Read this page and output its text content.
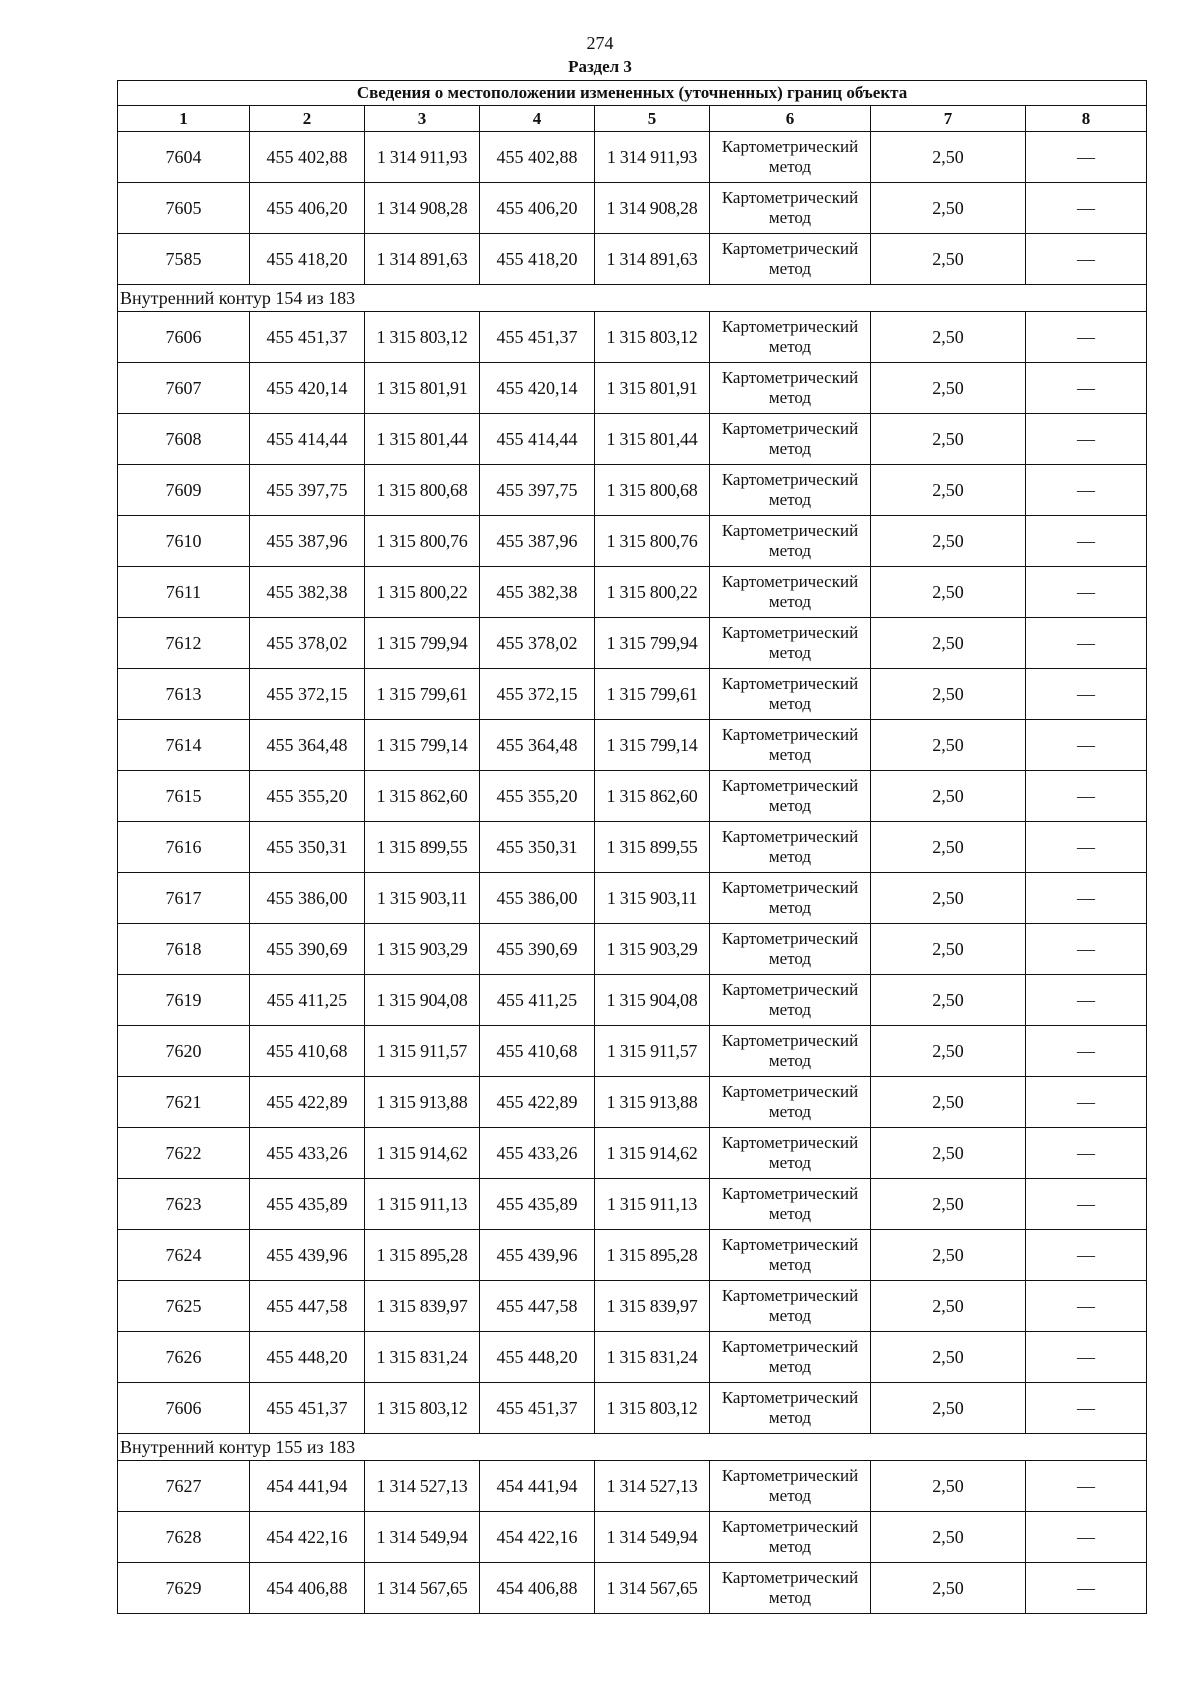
274
Раздел 3
Сведения о местоположении измененных (уточненных) границ объекта							
1	2	3	4	5	6	7	8
7604	455 402,88	1 314 911,93	455 402,88	1 314 911,93	Картометрический метод	2,50	—
7605	455 406,20	1 314 908,28	455 406,20	1 314 908,28	Картометрический метод	2,50	—
7585	455 418,20	1 314 891,63	455 418,20	1 314 891,63	Картометрический метод	2,50	—
Внутренний контур 154 из 183							
7606	455 451,37	1 315 803,12	455 451,37	1 315 803,12	Картометрический метод	2,50	—
7607	455 420,14	1 315 801,91	455 420,14	1 315 801,91	Картометрический метод	2,50	—
7608	455 414,44	1 315 801,44	455 414,44	1 315 801,44	Картометрический метод	2,50	—
7609	455 397,75	1 315 800,68	455 397,75	1 315 800,68	Картометрический метод	2,50	—
7610	455 387,96	1 315 800,76	455 387,96	1 315 800,76	Картометрический метод	2,50	—
7611	455 382,38	1 315 800,22	455 382,38	1 315 800,22	Картометрический метод	2,50	—
7612	455 378,02	1 315 799,94	455 378,02	1 315 799,94	Картометрический метод	2,50	—
7613	455 372,15	1 315 799,61	455 372,15	1 315 799,61	Картометрический метод	2,50	—
7614	455 364,48	1 315 799,14	455 364,48	1 315 799,14	Картометрический метод	2,50	—
7615	455 355,20	1 315 862,60	455 355,20	1 315 862,60	Картометрический метод	2,50	—
7616	455 350,31	1 315 899,55	455 350,31	1 315 899,55	Картометрический метод	2,50	—
7617	455 386,00	1 315 903,11	455 386,00	1 315 903,11	Картометрический метод	2,50	—
7618	455 390,69	1 315 903,29	455 390,69	1 315 903,29	Картометрический метод	2,50	—
7619	455 411,25	1 315 904,08	455 411,25	1 315 904,08	Картометрический метод	2,50	—
7620	455 410,68	1 315 911,57	455 410,68	1 315 911,57	Картометрический метод	2,50	—
7621	455 422,89	1 315 913,88	455 422,89	1 315 913,88	Картометрический метод	2,50	—
7622	455 433,26	1 315 914,62	455 433,26	1 315 914,62	Картометрический метод	2,50	—
7623	455 435,89	1 315 911,13	455 435,89	1 315 911,13	Картометрический метод	2,50	—
7624	455 439,96	1 315 895,28	455 439,96	1 315 895,28	Картометрический метод	2,50	—
7625	455 447,58	1 315 839,97	455 447,58	1 315 839,97	Картометрический метод	2,50	—
7626	455 448,20	1 315 831,24	455 448,20	1 315 831,24	Картометрический метод	2,50	—
7606	455 451,37	1 315 803,12	455 451,37	1 315 803,12	Картометрический метод	2,50	—
Внутренний контур 155 из 183							
7627	454 441,94	1 314 527,13	454 441,94	1 314 527,13	Картометрический метод	2,50	—
7628	454 422,16	1 314 549,94	454 422,16	1 314 549,94	Картометрический метод	2,50	—
7629	454 406,88	1 314 567,65	454 406,88	1 314 567,65	Картометрический метод	2,50	—
